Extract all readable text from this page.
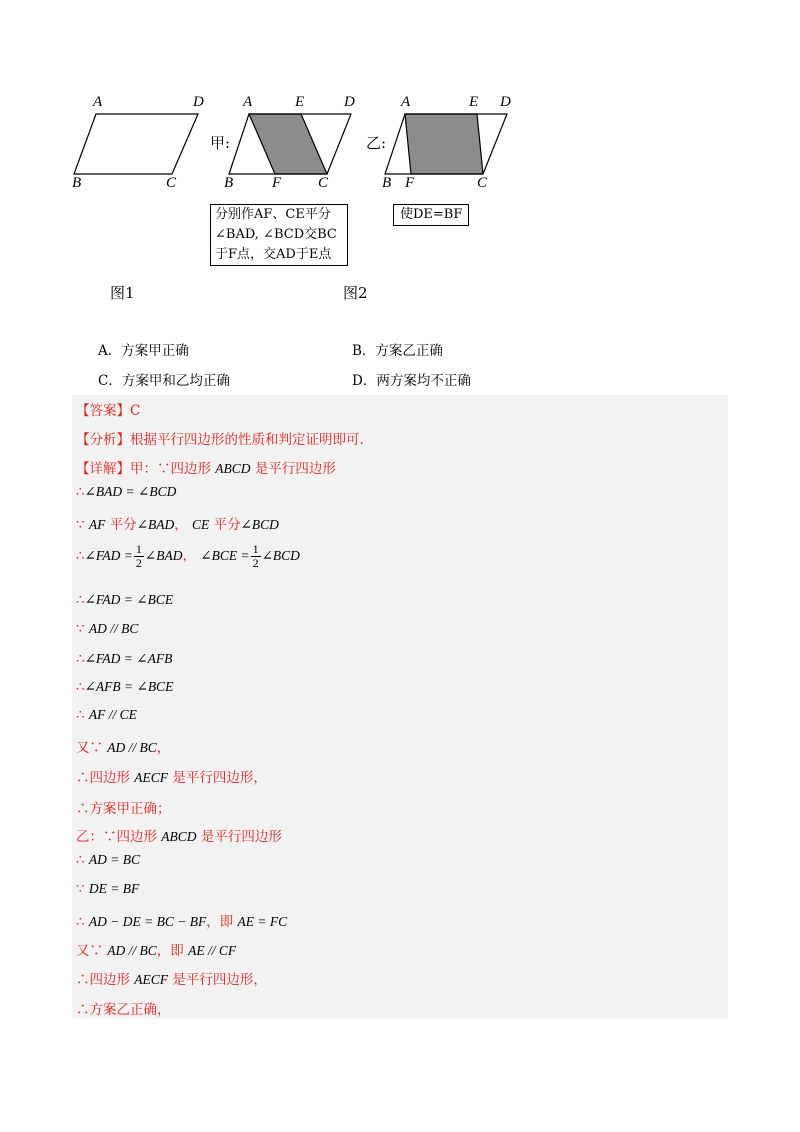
A	D
B	C
图1
甲:
A	E	D
B	F C
分别作AF、CE平分
∠BAD, ∠BCD交BC
于F点，交AD于E点
乙:
A	E D
B F	C
使DE=BF
图2
A．方案甲正确	B．方案乙正确
C．方案甲和乙均正确	D．两方案均不正确
【答案】C
【分析】根据平行四边形的性质和判定证明即可.
【详解】甲：∵四边形 ABCD 是平行四边形
∴∠BAD = ∠BCD
∵ AF 平分∠BAD， CE 平分∠BCD
∴∠FAD = $\frac{1}{2}$ ∠BAD， ∠BCE = $\frac{1}{2}$ ∠BCD
∴∠FAD = ∠BCE
∵ AD // BC
∴∠FAD = ∠AFB
∴∠AFB = ∠BCE
∴ AF // CE
又∵ AD // BC，
∴四边形 AECF 是平行四边形，
∴方案甲正确；
乙：∵四边形 ABCD 是平行四边形
∴ AD = BC
∵ DE = BF
∴ AD − DE = BC − BF，即 AE = FC
又∵ AD // BC，即 AE // CF
∴四边形 AECF 是平行四边形，
∴方案乙正确，
